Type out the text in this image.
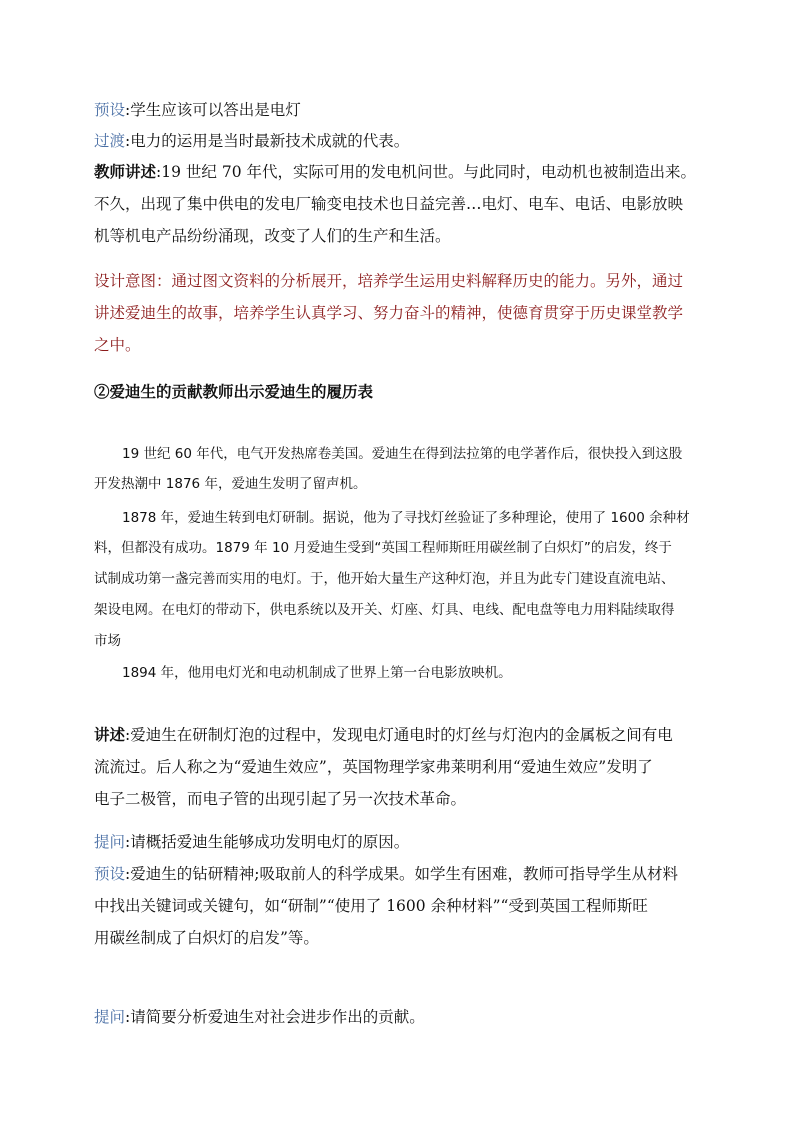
预设:学生应该可以答出是电灯

过渡:电力的运用是当时最新技术成就的代表。

教师讲述:19 世纪 70 年代，实际可用的发电机问世。与此同时，电动机也被制造出来。

不久，出现了集中供电的发电厂输变电技术也日益完善…电灯、电车、电话、电影放映

机等机电产品纷纷涌现，改变了人们的生产和生活。

设计意图：通过图文资料的分析展开，培养学生运用史料解释历史的能力。另外，通过

讲述爱迪生的故事，培养学生认真学习、努力奋斗的精神，使德育贯穿于历史课堂教学

之中。

②爱迪生的贡献教师出示爱迪生的履历表

19 世纪 60 年代，电气开发热席卷美国。爱迪生在得到法拉第的电学著作后，很快投入到这股

开发热潮中 1876 年，爱迪生发明了留声机。

1878 年，爱迪生转到电灯研制。据说，他为了寻找灯丝验证了多种理论，使用了 1600 余种材

料，但都没有成功。1879 年 10 月爱迪生受到“英国工程师斯旺用碳丝制了白炽灯”的启发，终于

试制成功第一盏完善而实用的电灯。于，他开始大量生产这种灯泡，并且为此专门建设直流电站、

架设电网。在电灯的带动下，供电系统以及开关、灯座、灯具、电线、配电盘等电力用料陆续取得

市场

1894 年，他用电灯光和电动机制成了世界上第一台电影放映机。

讲述:爱迪生在研制灯泡的过程中，发现电灯通电时的灯丝与灯泡内的金属板之间有电

流流过。后人称之为“爱迪生效应”，英国物理学家弗莱明利用“爱迪生效应”发明了

电子二极管，而电子管的出现引起了另一次技术革命。

提问:请概括爱迪生能够成功发明电灯的原因。

预设:爱迪生的钻研精神;吸取前人的科学成果。如学生有困难，教师可指导学生从材料

中找出关键词或关键句，如“研制”“使用了 1600 余种材料”“受到英国工程师斯旺

用碳丝制成了白炽灯的启发”等。

提问:请简要分析爱迪生对社会进步作出的贡献。
